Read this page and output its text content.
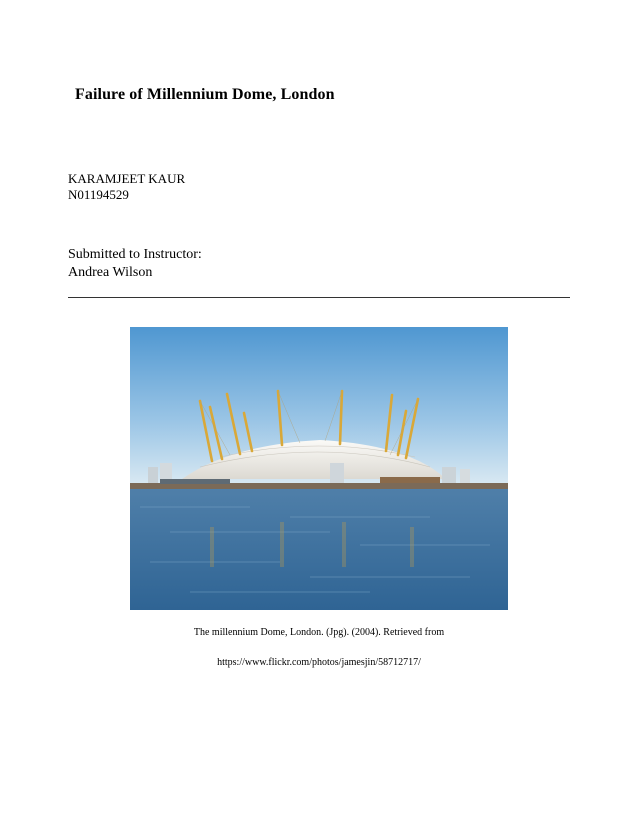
Failure of Millennium Dome, London
KARAMJEET KAUR
N01194529
Submitted to Instructor:
Andrea Wilson
The millennium Dome, London. (Jpg). (2004). Retrieved from
https://www.flickr.com/photos/jamesjin/58712717/
